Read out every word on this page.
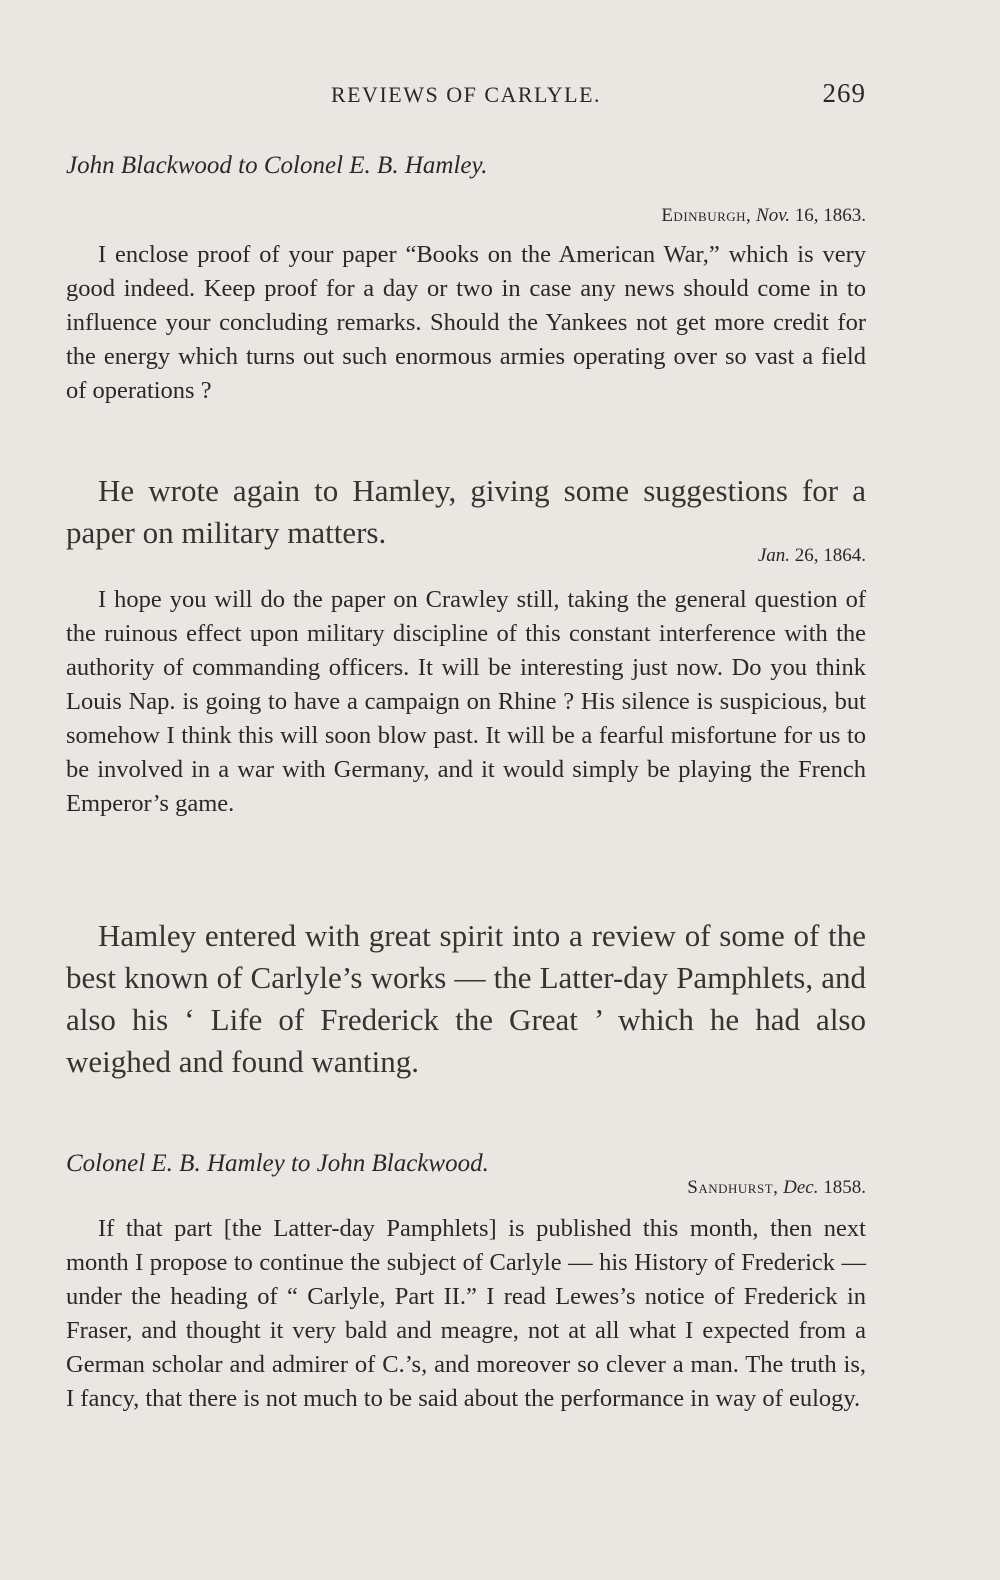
REVIEWS OF CARLYLE.	269
John Blackwood to Colonel E. B. Hamley.
Edinburgh, Nov. 16, 1863.

I enclose proof of your paper “Books on the American War,” which is very good indeed. Keep proof for a day or two in case any news should come in to influence your concluding remarks. Should the Yankees not get more credit for the energy which turns out such enormous armies operating over so vast a field of operations ?

He wrote again to Hamley, giving some suggestions for a paper on military matters.

Jan. 26, 1864.

I hope you will do the paper on Crawley still, taking the general question of the ruinous effect upon military discipline of this constant interference with the authority of commanding officers. It will be interesting just now. Do you think Louis Nap. is going to have a campaign on Rhine ? His silence is suspicious, but somehow I think this will soon blow past. It will be a fearful misfortune for us to be involved in a war with Germany, and it would simply be playing the French Emperor’s game.

Hamley entered with great spirit into a review of some of the best known of Carlyle’s works — the Latter-day Pamphlets, and also his ‘ Life of Frederick the Great ’ which he had also weighed and found wanting.

Colonel E. B. Hamley to John Blackwood.
Sandhurst, Dec. 1858.

If that part [the Latter-day Pamphlets] is published this month, then next month I propose to continue the subject of Carlyle — his History of Frederick — under the heading of “ Carlyle, Part II.” I read Lewes’s notice of Frederick in Fraser, and thought it very bald and meagre, not at all what I expected from a German scholar and admirer of C.’s, and moreover so clever a man. The truth is, I fancy, that there is not much to be said about the performance in way of eulogy.
